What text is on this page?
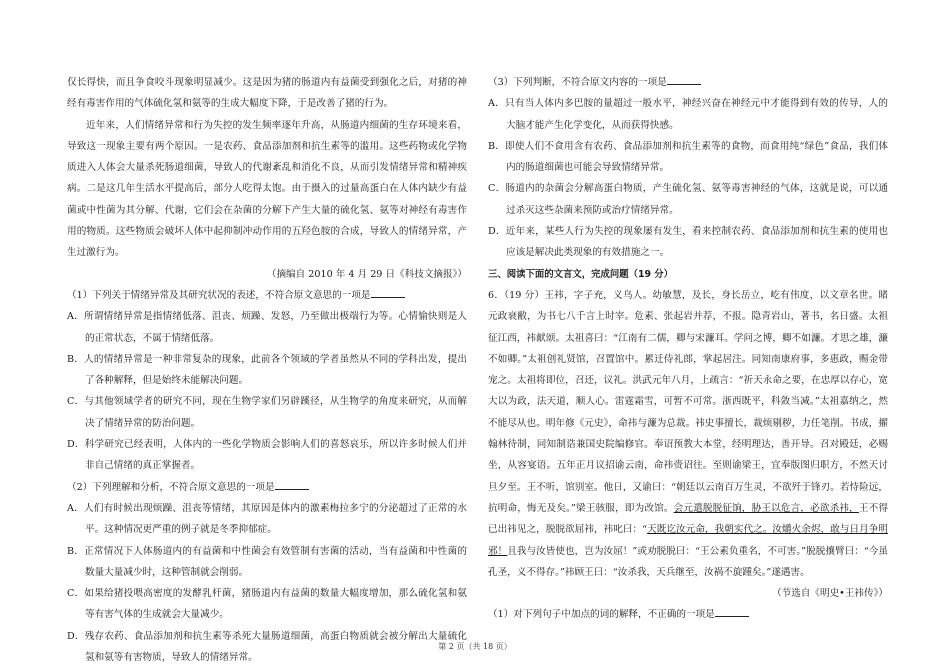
仅长得快，而且争食咬斗现象明显减少。这是因为猪的肠道内有益菌受到强化之后，对猪的神经有毒害作用的气体硫化氢和氨等的生成大幅度下降，于是改善了猪的行为。

近年来，人们情绪异常和行为失控的发生频率逐年升高，从肠道内细菌的生存环境来看，导致这一现象主要有两个原因。一是农药、食品添加剂和抗生素等的滥用。这些药物或化学物质进入人体会大量杀死肠道细菌，导致人的代谢紊乱和消化不良，从而引发情绪异常和精神疾病。二是这几年生活水平提高后，部分人吃得太饱。由于摄入的过量高蛋白在人体内缺少有益菌或中性菌为其分解、代谢，它们会在杂菌的分解下产生大量的硫化氢、氨等对神经有毒害作用的物质。这些物质会破坏人体中起抑制冲动作用的五羟色胺的合成，导致人的情绪异常，产生过激行为。

（摘编自 2010 年 4 月 29 日《科技文摘报》）

（1）下列关于情绪异常及其研究状况的表述，不符合原文意思的一项是

A．所谓情绪异常是指情绪低落、沮丧、烦躁、发怒，乃至做出极端行为等。心情愉快则是人的正常状态，不属于情绪低落。

B．人的情绪异常是一种非常复杂的现象，此前各个领域的学者虽然从不同的学科出发，提出了各种解释，但是始终未能解决问题。

C．与其他领域学者的研究不同，现在生物学家们另辟蹊径，从生物学的角度来研究，从而解决了情绪异常的防治问题。

D．科学研究已经表明，人体内的一些化学物质会影响人们的喜怒哀乐，所以许多时候人们并非自己情绪的真正掌握者。

（2）下列理解和分析，不符合原文意思的一项是

A．人们有时候出现烦躁、沮丧等情绪，其原因是体内的激素梅拉多宁的分泌超过了正常的水平。这种情况更严重的例子就是冬季抑郁症。

B．正常情况下人体肠道内的有益菌和中性菌会有效管制有害菌的活动，当有益菌和中性菌的数量大量减少时，这种管制就会削弱。

C．如果给猪投喂高密度的发酵乳杆菌，猪肠道内有益菌的数量大幅度增加，那么硫化氢和氨等有害气体的生成就会大量减少。

D．残存农药、食品添加剂和抗生素等杀死大量肠道细菌，高蛋白物质就会被分解出大量硫化氢和氨等有害物质，导致人的情绪异常。

（3）下列判断，不符合原文内容的一项是

A．只有当人体内多巴胺的量超过一般水平，神经兴奋在神经元中才能得到有效的传导，人的大脑才能产生化学变化，从而获得快感。

B．即使人们不食用含有农药、食品添加剂和抗生素等的食物，而食用纯“绿色”食品，我们体内的肠道细菌也可能会导致情绪异常。

C．肠道内的杂菌会分解高蛋白物质，产生硫化氢、氨等毒害神经的气体，这就是说，可以通过杀灭这些杂菌来预防或治疗情绪异常。

D．近年来，某些人行为失控的现象屡有发生，看来控制农药、食品添加剂和抗生素的使用也应该是解决此类现象的有效措施之一。

三、阅读下面的文言文，完成问题（19 分）

6．（19 分）王祎，字子充，义乌人。幼敏慧，及长，身长岳立，屹有伟度，以文章名世。睹元政衰敝，为书七八千言上时宰。危素、张起岩并荐，不报。隐青岩山，著书，名日盛。太祖征江西，祎献颂。太祖喜曰：“江南有二儒，卿与宋濂耳。学问之博，卿不如濂。才思之雄，濂不如卿。”太祖创礼贤馆，召置馆中。累迁侍礼郎，掌起居注。同知南康府事，多惠政，赐金带宠之。太祖将即位，召还，议礼。洪武元年八月，上疏言：“祈天永命之要，在忠厚以存心，宽大以为政，法天道，顺人心。雷霆霜雪，可暂不可常。浙西既平，科敛当减。”太祖嘉纳之，然不能尽从也。明年修《元史》，命祎与濂为总裁。祎史事擅长，裁烦剔秽，力任笔削。书成，擢翰林待制，同知制诰兼国史院编修官。奉诏预教大本堂，经明理达，善开导。召对殿廷，必赐坐，从容宴语。五年正月议招谕云南，命祎赍诏往。至则谕梁王，宜奉版图归职方，不然天讨旦夕至。王不听，馆别室。他日，又谕曰：“朝廷以云南百万生灵，不欲歼于锋刃。若恃险远，抗明命，悔无及矣。”梁王骇服，即为改馆。会元遣脱脱征饷，胁王以危言，必欲杀祎，王不得已出祎见之，脱脱欲屈祎，祎叱曰：“天既讫汝元命，我朝实代之。汝爝火余烬，敢与日月争明邪！且我与汝皆使也，岂为汝屈！”或劝脱脱曰：“王公素负重名，不可害。”脱脱攘臂曰：“今虽孔圣，义不得存。”祎顾王曰：“汝杀我，天兵继至，汝祸不旋踵矣。”遂遇害。

（节选自《明史•王祎传》）

（1）对下列句子中加点的词的解释，不正确的一项是

第 2 页（共 18 页）
